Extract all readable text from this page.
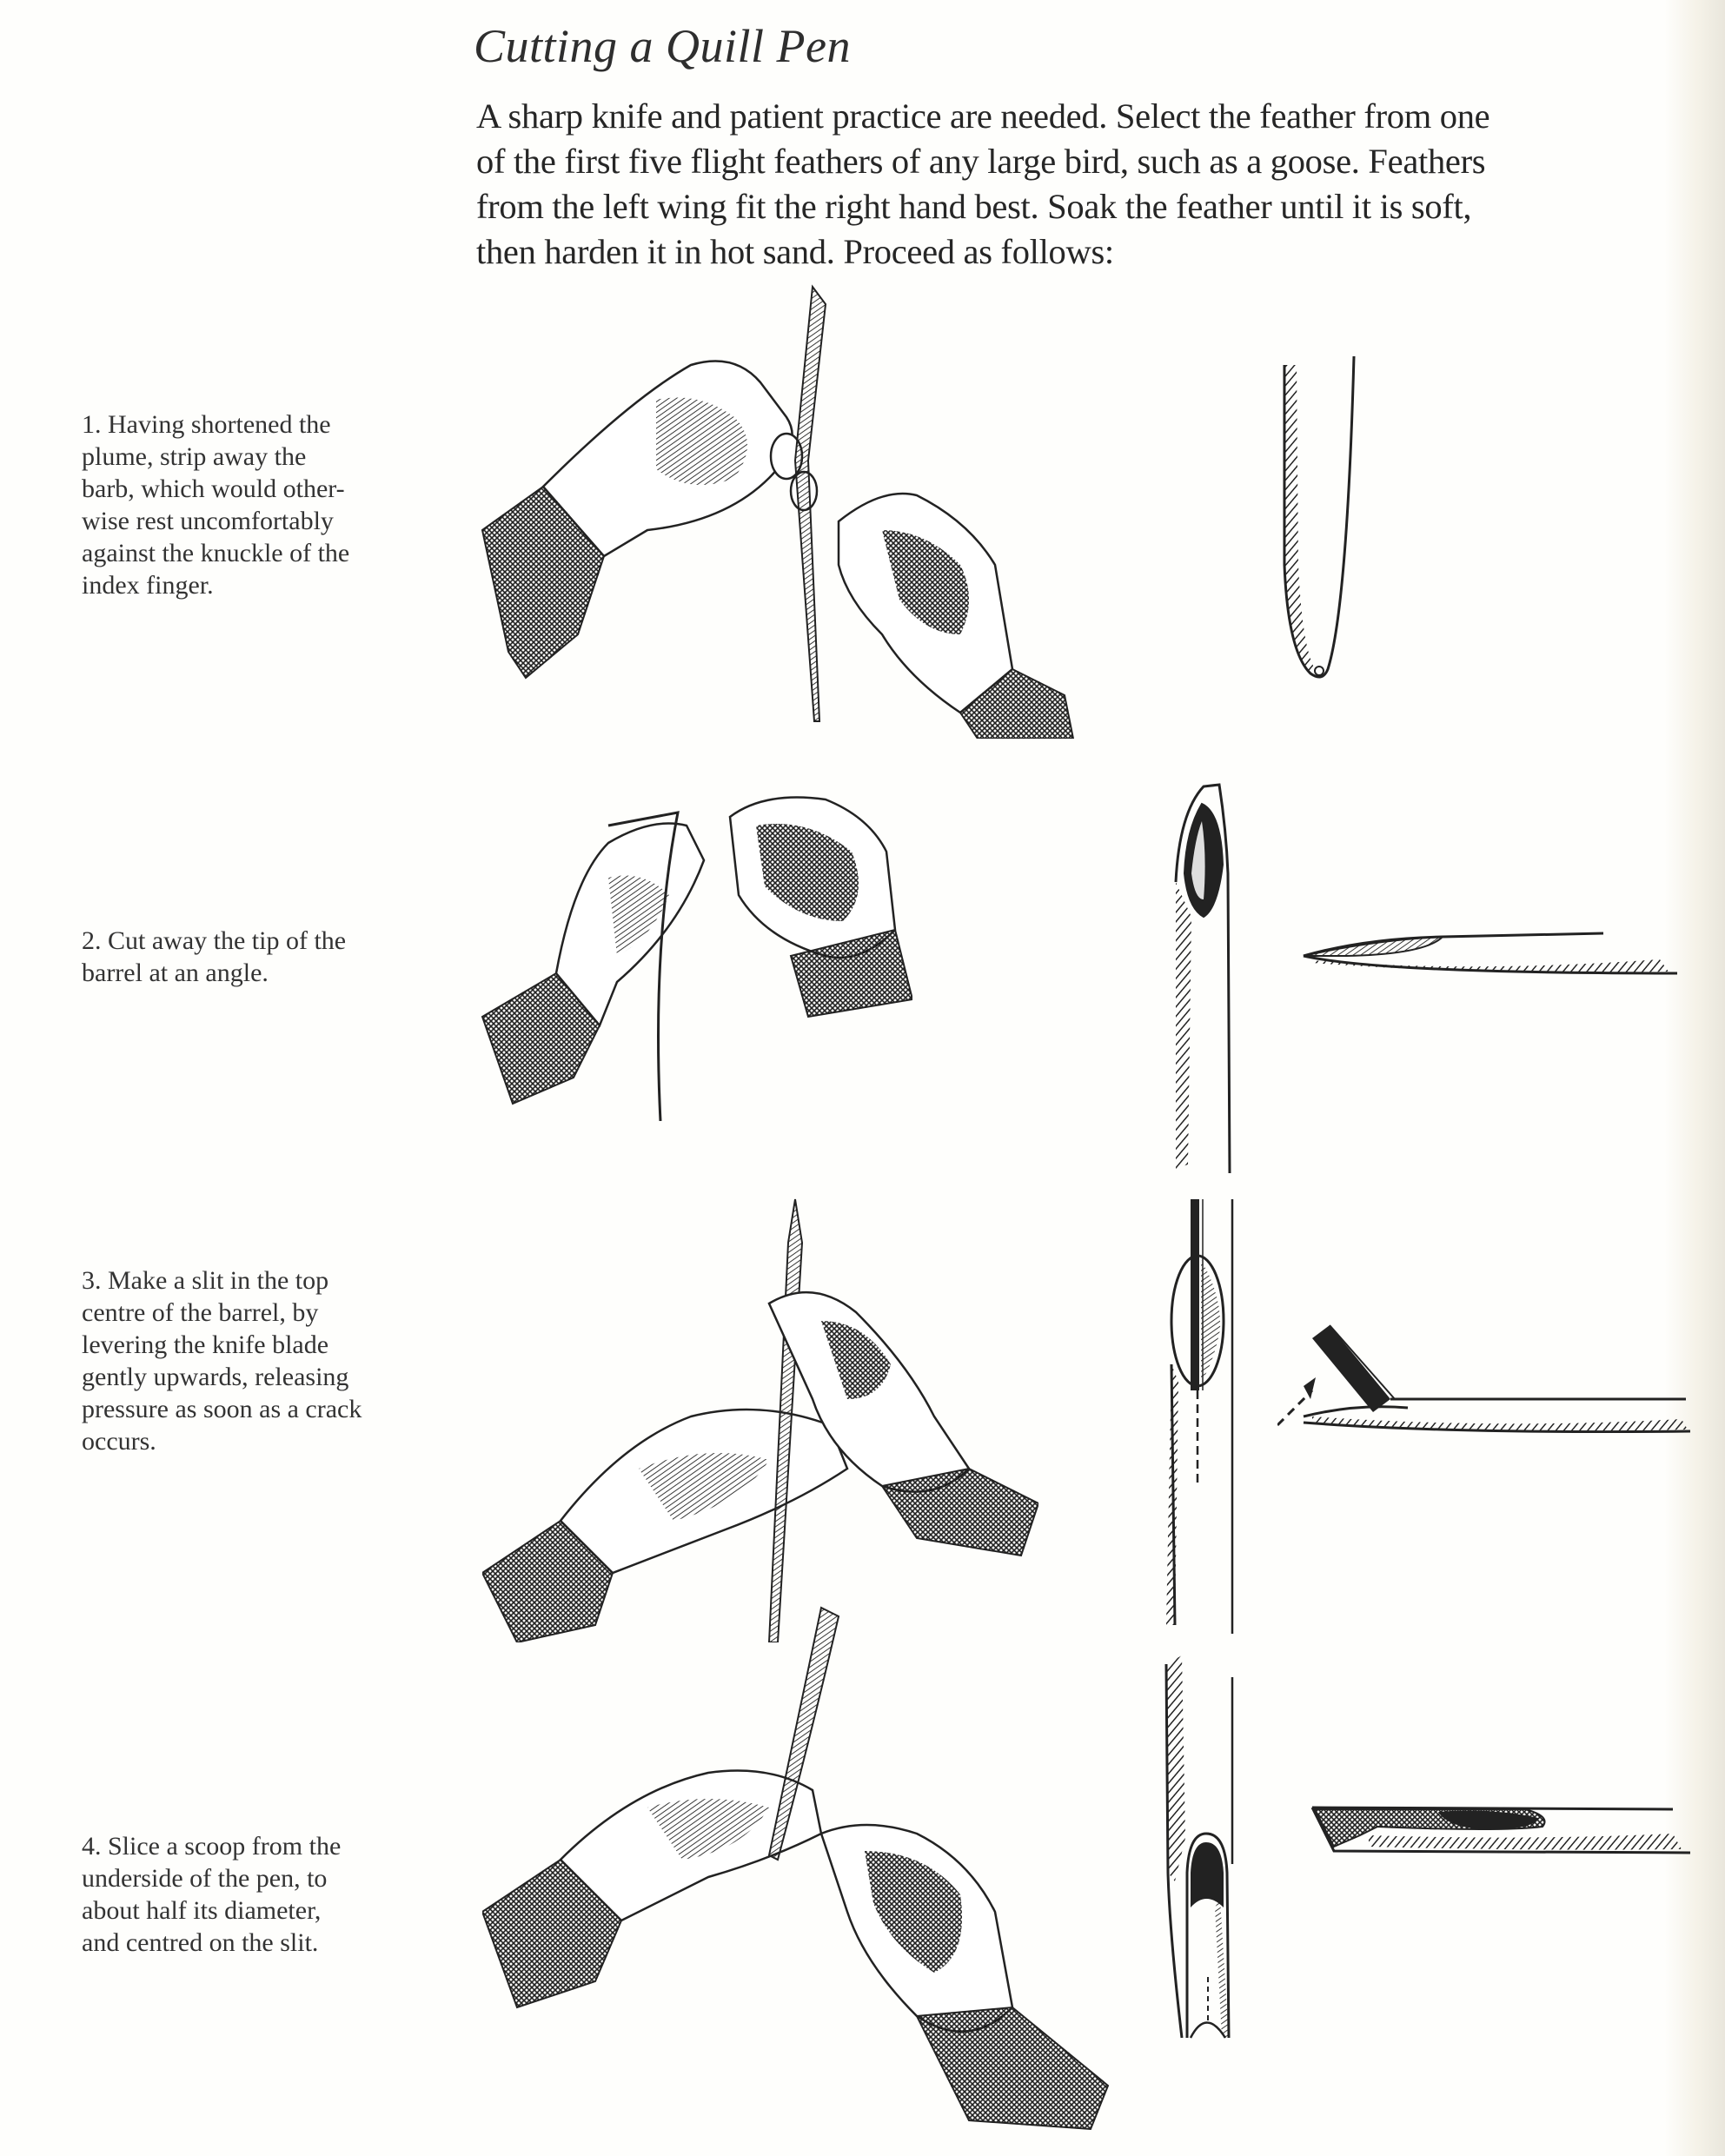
Cutting a Quill Pen
A sharp knife and patient practice are needed. Select the feather from one
of the first five flight feathers of any large bird, such as a goose. Feathers
from the left wing fit the right hand best. Soak the feather until it is soft,
then harden it in hot sand. Proceed as follows:
1. Having shortened the
plume, strip away the
barb, which would other-
wise rest uncomfortably
against the knuckle of the
index finger.
2. Cut away the tip of the
barrel at an angle.
3. Make a slit in the top
centre of the barrel, by
levering the knife blade
gently upwards, releasing
pressure as soon as a crack
occurs.
4. Slice a scoop from the
underside of the pen, to
about half its diameter,
and centred on the slit.
